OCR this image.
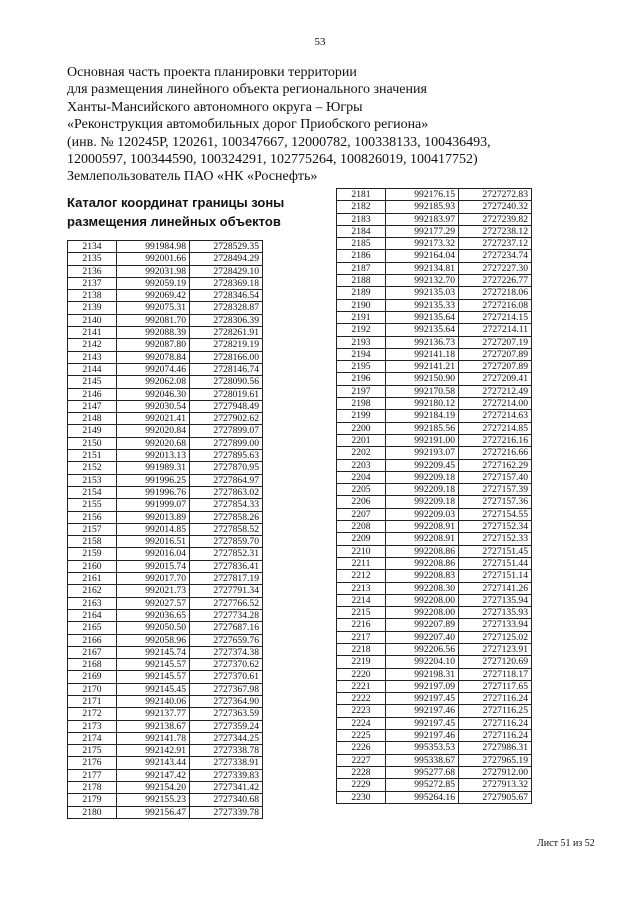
53
Основная часть проекта планировки территории
для размещения линейного объекта регионального значения
Ханты-Мансийского автономного округа – Югры
«Реконструкция автомобильных дорог Приобского региона»
(инв. № 120245Р, 120261, 100347667, 12000782, 100338133, 100436493,
12000597, 100344590, 100324291, 102775264, 100826019, 100417752)
Землепользователь ПАО «НК «Роснефть»
Каталог координат границы зоны размещения линейных объектов
2134	991984.98	2728529.35
2135	992001.66	2728494.29
2136	992031.98	2728429.10
2137	992059.19	2728369.18
2138	992069.42	2728346.54
2139	992075.31	2728328.87
2140	992081.70	2728306.39
2141	992088.39	2728261.91
2142	992087.80	2728219.19
2143	992078.84	2728166.00
2144	992074.46	2728146.74
2145	992062.08	2728090.56
2146	992046.30	2728019.61
2147	992030.54	2727948.49
2148	992021.41	2727902.62
2149	992020.84	2727899.07
2150	992020.68	2727899.00
2151	992013.13	2727895.63
2152	991989.31	2727870.95
2153	991996.25	2727864.97
2154	991996.76	2727863.02
2155	991999.07	2727854.33
2156	992013.89	2727858.26
2157	992014.85	2727858.52
2158	992016.51	2727859.70
2159	992016.04	2727852.31
2160	992015.74	2727836.41
2161	992017.70	2727817.19
2162	992021.73	2727791.34
2163	992027.57	2727766.52
2164	992036.65	2727734.28
2165	992050.50	2727687.16
2166	992058.96	2727659.76
2167	992145.74	2727374.38
2168	992145.57	2727370.62
2169	992145.57	2727370.61
2170	992145.45	2727367.98
2171	992140.06	2727364.90
2172	992137.77	2727363.59
2173	992138.67	2727359.24
2174	992141.78	2727344.25
2175	992142.91	2727338.78
2176	992143.44	2727338.91
2177	992147.42	2727339.83
2178	992154.20	2727341.42
2179	992155.23	2727340.68
2180	992156.47	2727339.78
2181	992176.15	2727272.83
2182	992185.93	2727240.32
2183	992183.97	2727239.82
2184	992177.29	2727238.12
2185	992173.32	2727237.12
2186	992164.04	2727234.74
2187	992134.81	2727227.30
2188	992132.70	2727226.77
2189	992135.03	2727218.06
2190	992135.33	2727216.08
2191	992135.64	2727214.15
2192	992135.64	2727214.11
2193	992136.73	2727207.19
2194	992141.18	2727207.89
2195	992141.21	2727207.89
2196	992150.90	2727209.41
2197	992170.58	2727212.49
2198	992180.12	2727214.00
2199	992184.19	2727214.63
2200	992185.56	2727214.85
2201	992191.00	2727216.16
2202	992193.07	2727216.66
2203	992209.45	2727162.29
2204	992209.18	2727157.40
2205	992209.18	2727157.39
2206	992209.18	2727157.36
2207	992209.03	2727154.55
2208	992208.91	2727152.34
2209	992208.91	2727152.33
2210	992208.86	2727151.45
2211	992208.86	2727151.44
2212	992208.83	2727151.14
2213	992208.30	2727141.26
2214	992208.00	2727135.94
2215	992208.00	2727135.93
2216	992207.89	2727133.94
2217	992207.40	2727125.02
2218	992206.56	2727123.91
2219	992204.10	2727120.69
2220	992198.31	2727118.17
2221	992197.09	2727117.65
2222	992197.45	2727116.24
2223	992197.46	2727116.25
2224	992197.45	2727116.24
2225	992197.46	2727116.24
2226	995353.53	2727986.31
2227	995338.67	2727965.19
2228	995277.68	2727912.00
2229	995272.85	2727913.32
2230	995264.16	2727905.67
Лист 51 из 52
